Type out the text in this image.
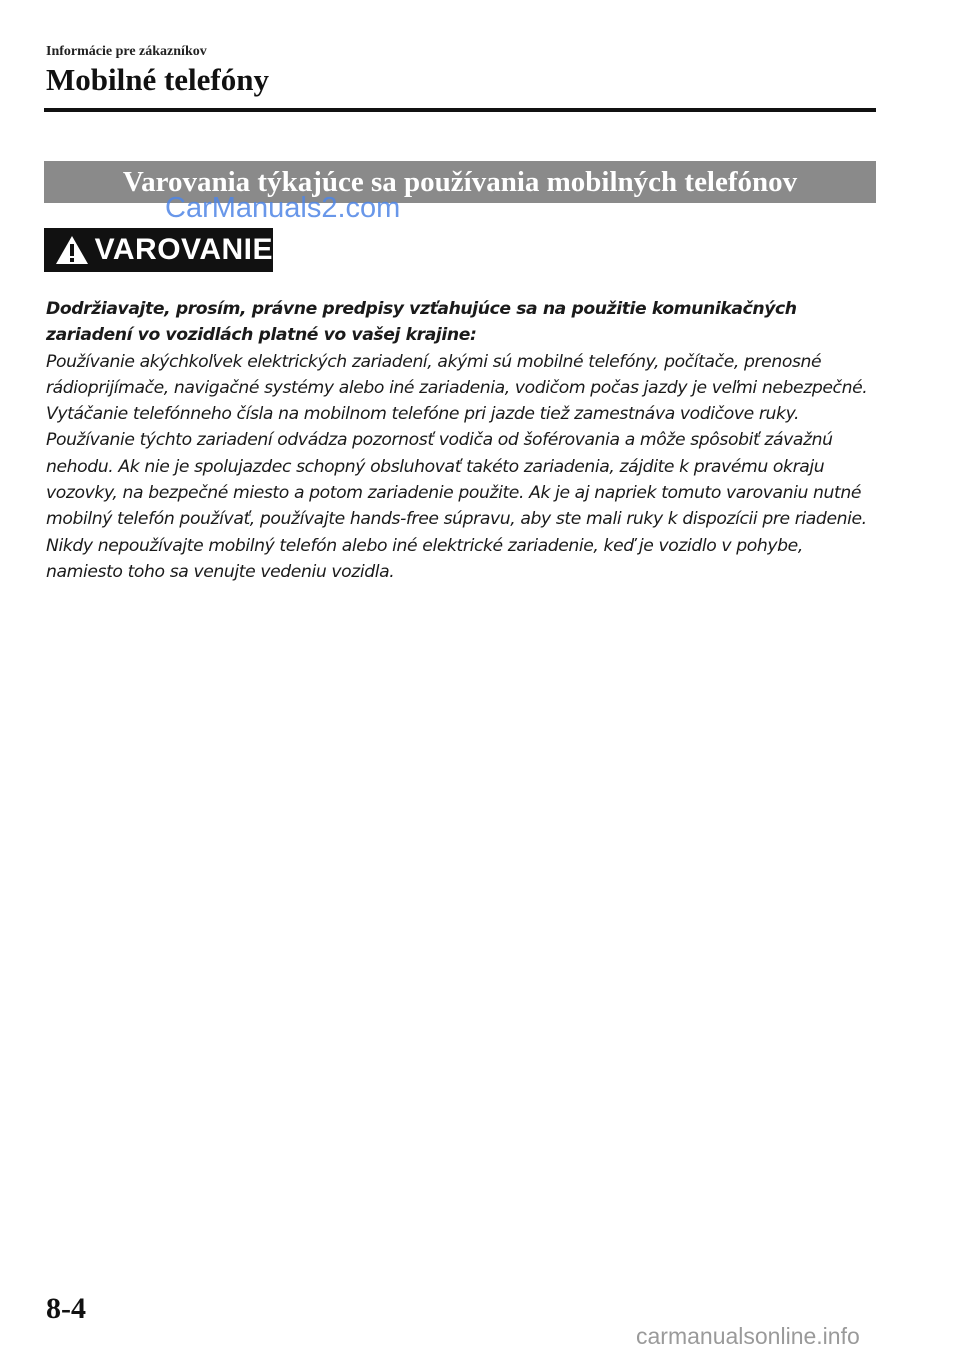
Informácie pre zákazníkov
Mobilné telefóny
Varovania týkajúce sa používania mobilných telefónov
CarManuals2.com
VAROVANIE

Dodržiavajte, prosím, právne predpisy vzťahujúce sa na použitie komunikačných zariadení vo vozidlách platné vo vašej krajine:

Používanie akýchkoľvek elektrických zariadení, akými sú mobilné telefóny, počítače, prenosné rádioprijímače, navigačné systémy alebo iné zariadenia, vodičom počas jazdy je veľmi nebezpečné. Vytáčanie telefónneho čísla na mobilnom telefóne pri jazde tiež zamestnáva vodičove ruky. Používanie týchto zariadení odvádza pozornosť vodiča od šoférovania a môže spôsobiť závažnú nehodu. Ak nie je spolujazdec schopný obsluhovať takéto zariadenia, zájdite k pravému okraju vozovky, na bezpečné miesto a potom zariadenie použite. Ak je aj napriek tomuto varovaniu nutné mobilný telefón používať, používajte hands-free súpravu, aby ste mali ruky k dispozícii pre riadenie. Nikdy nepoužívajte mobilný telefón alebo iné elektrické zariadenie, keď je vozidlo v pohybe, namiesto toho sa venujte vedeniu vozidla.

8-4
carmanualsonline.info
